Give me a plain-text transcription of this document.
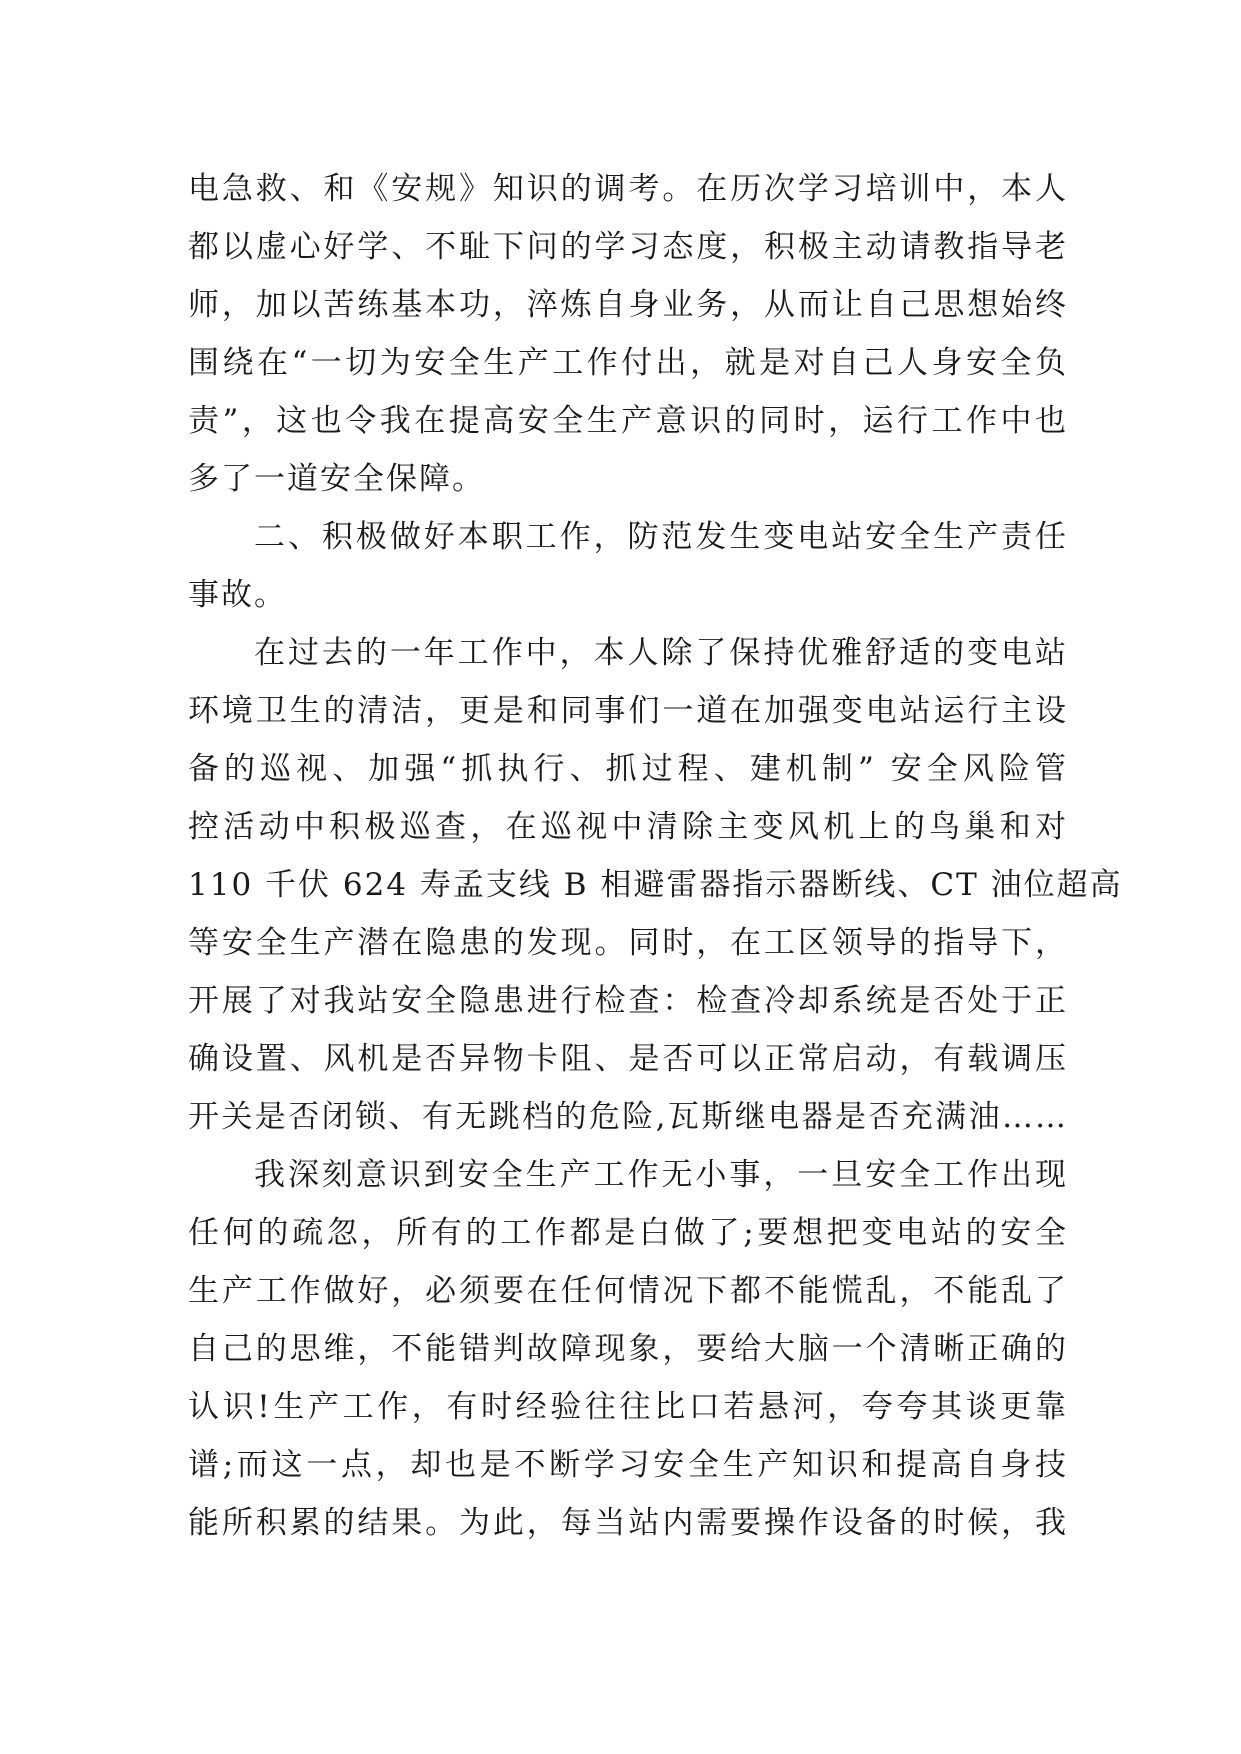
电急救、和《安规》知识的调考。在历次学习培训中，本人
都以虚心好学、不耻下问的学习态度，积极主动请教指导老
师，加以苦练基本功，淬炼自身业务，从而让自己思想始终
围绕在“一切为安全生产工作付出，就是对自己人身安全负
责”，这也令我在提高安全生产意识的同时，运行工作中也
多了一道安全保障。
二、积极做好本职工作，防范发生变电站安全生产责任
事故。
在过去的一年工作中，本人除了保持优雅舒适的变电站
环境卫生的清洁，更是和同事们一道在加强变电站运行主设
备的巡视、加强“抓执行、抓过程、建机制” 安全风险管
控活动中积极巡查，在巡视中清除主变风机上的鸟巢和对
110 千伏 624 寿孟支线 B 相避雷器指示器断线、CT 油位超高
等安全生产潜在隐患的发现。同时，在工区领导的指导下，
开展了对我站安全隐患进行检查：检查冷却系统是否处于正
确设置、风机是否异物卡阻、是否可以正常启动，有载调压
开关是否闭锁、有无跳档的危险,瓦斯继电器是否充满油……
我深刻意识到安全生产工作无小事，一旦安全工作出现
任何的疏忽，所有的工作都是白做了;要想把变电站的安全
生产工作做好，必须要在任何情况下都不能慌乱，不能乱了
自己的思维，不能错判故障现象，要给大脑一个清晰正确的
认识!生产工作，有时经验往往比口若悬河，夸夸其谈更靠
谱;而这一点，却也是不断学习安全生产知识和提高自身技
能所积累的结果。为此，每当站内需要操作设备的时候，我
